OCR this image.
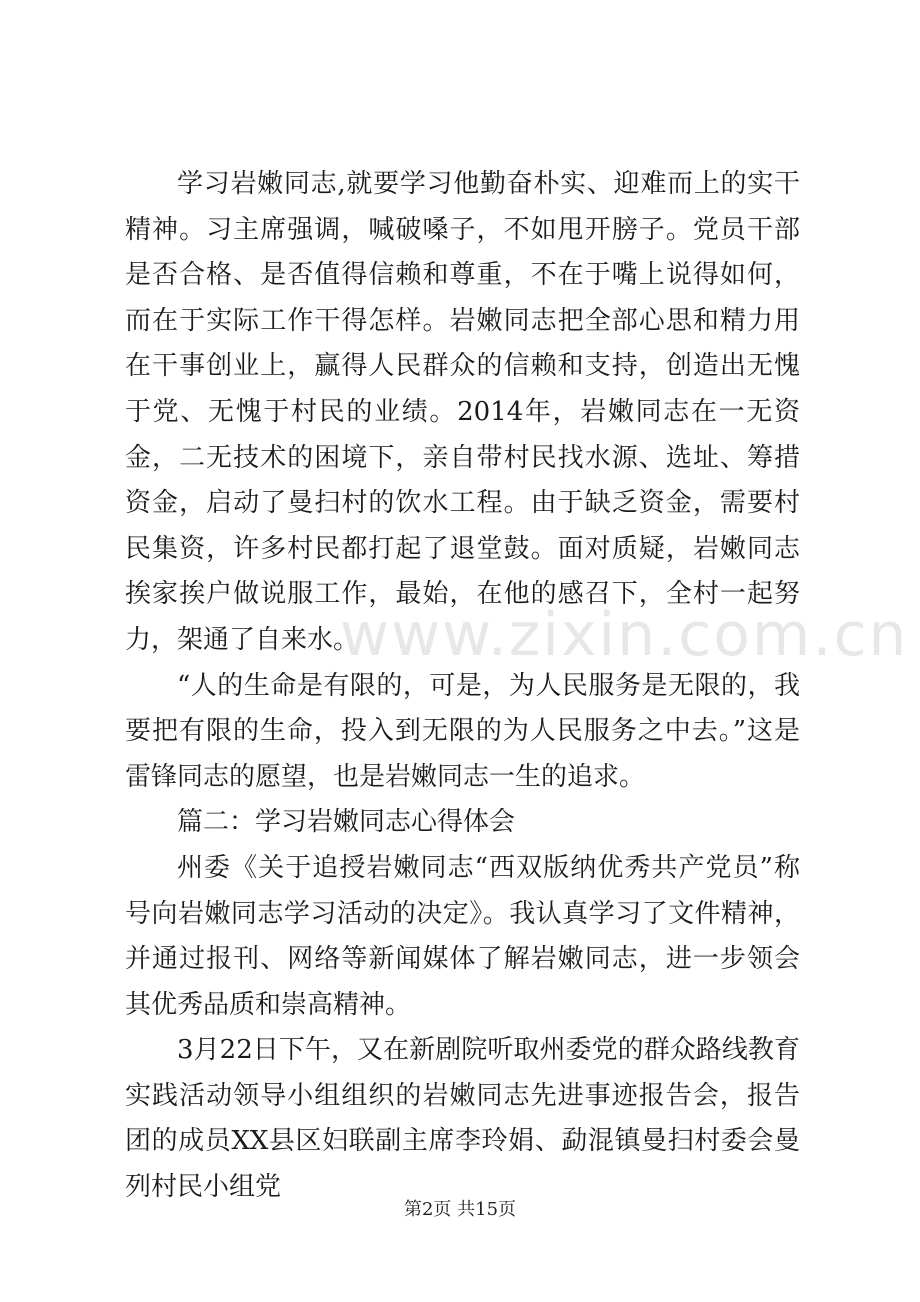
学习岩嫩同志,就要学习他勤奋朴实、迎难而上的实干精神。习主席强调，喊破嗓子，不如甩开膀子。党员干部是否合格、是否值得信赖和尊重，不在于嘴上说得如何，而在于实际工作干得怎样。岩嫩同志把全部心思和精力用在干事创业上，赢得人民群众的信赖和支持，创造出无愧于党、无愧于村民的业绩。2014年，岩嫩同志在一无资金，二无技术的困境下，亲自带村民找水源、选址、筹措资金，启动了曼扫村的饮水工程。由于缺乏资金，需要村民集资，许多村民都打起了退堂鼓。面对质疑，岩嫩同志挨家挨户做说服工作，最始，在他的感召下，全村一起努力，架通了自来水。

“人的生命是有限的，可是，为人民服务是无限的，我要把有限的生命，投入到无限的为人民服务之中去。”这是雷锋同志的愿望，也是岩嫩同志一生的追求。

篇二：学习岩嫩同志心得体会

州委《关于追授岩嫩同志“西双版纳优秀共产党员”称号向岩嫩同志学习活动的决定》。我认真学习了文件精神，并通过报刊、网络等新闻媒体了解岩嫩同志，进一步领会其优秀品质和崇高精神。

3月22日下午，又在新剧院听取州委党的群众路线教育实践活动领导小组组织的岩嫩同志先进事迹报告会，报告团的成员XX县区妇联副主席李玲娟、勐混镇曼扫村委会曼列村民小组党

www.zixin.com.cn
第2页 共15页
